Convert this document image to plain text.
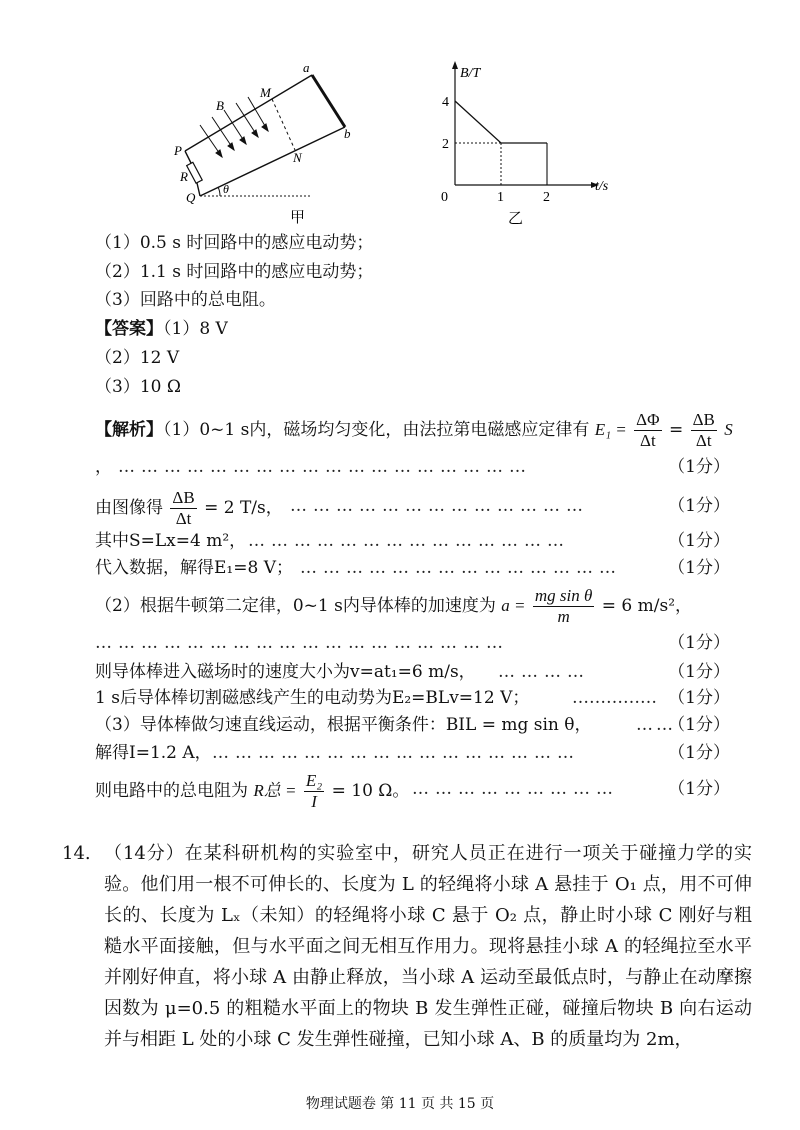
a
b
M
N
P
Q
R
B
θ
甲
B/T
t/s
2
4
0	1	2
乙
（1）0.5 s 时回路中的感应电动势；
（2）1.1 s 时回路中的感应电动势；
（3）回路中的总电阻。
【答案】（1）8 V
（2）12 V
（3）10 Ω
【解析】（1）0~1 s内，磁场均匀变化，由法拉第电磁感应定律有 $E_1 = \frac{\Delta\Phi}{\Delta t} = \frac{\Delta B}{\Delta t}$ S
， ………………………………………………	（1分）
由图像得 $\frac{\Delta B}{\Delta t} = 2$ T/s， …………………………………	（1分）
其中S=Lx=4 m²， ……………………………………	（1分）
代入数据，解得E₁=8 V； ……………………………………	（1分）
（2）根据牛顿第二定律，0~1 s内导体棒的加速度为 $a = \frac{\text{mg sin θ}}{m} = 6$ m/s²，
………………………………………………	（1分）
则导体棒进入磁场时的速度大小为v=at₁=6 m/s， …………	（1分）
1 s后导体棒切割磁感线产生的电动势为E₂=BLv=12 V；	…………… （1分）
（3）导体棒做匀速直线运动，根据平衡条件：BIL = mg sin θ，	……
（1分）
解得I=1.2 A， …………………………………………	（1分）
则电路中的总电阻为 R总 = $\frac{\text{E₂}}{I} = 10$ Ω。 ………………………	（1分）
14. （14分）在某科研机构的实验室中，研究人员正在进行一项关于碰撞力学的实验。他们用一根不可伸长的、长度为 L 的轻绳将小球 A 悬挂于 O₁ 点，用不可伸长的、长度为 Lₓ（未知）的轻绳将小球 C 悬于 O₂ 点，静止时小球 C 刚好与粗糙水平面接触，但与水平面之间无相互作用力。现将悬挂小球 A 的轻绳拉至水平并刚好伸直，将小球 A 由静止释放，当小球 A 运动至最低点时，与静止在动摩擦因数为 μ=0.5 的粗糙水平面上的物块 B 发生弹性正碰，碰撞后物块 B 向右运动并与相距 L 处的小球 C 发生弹性碰撞，已知小球 A、B 的质量均为 2m，

物理试题卷 第 11 页 共 15 页
